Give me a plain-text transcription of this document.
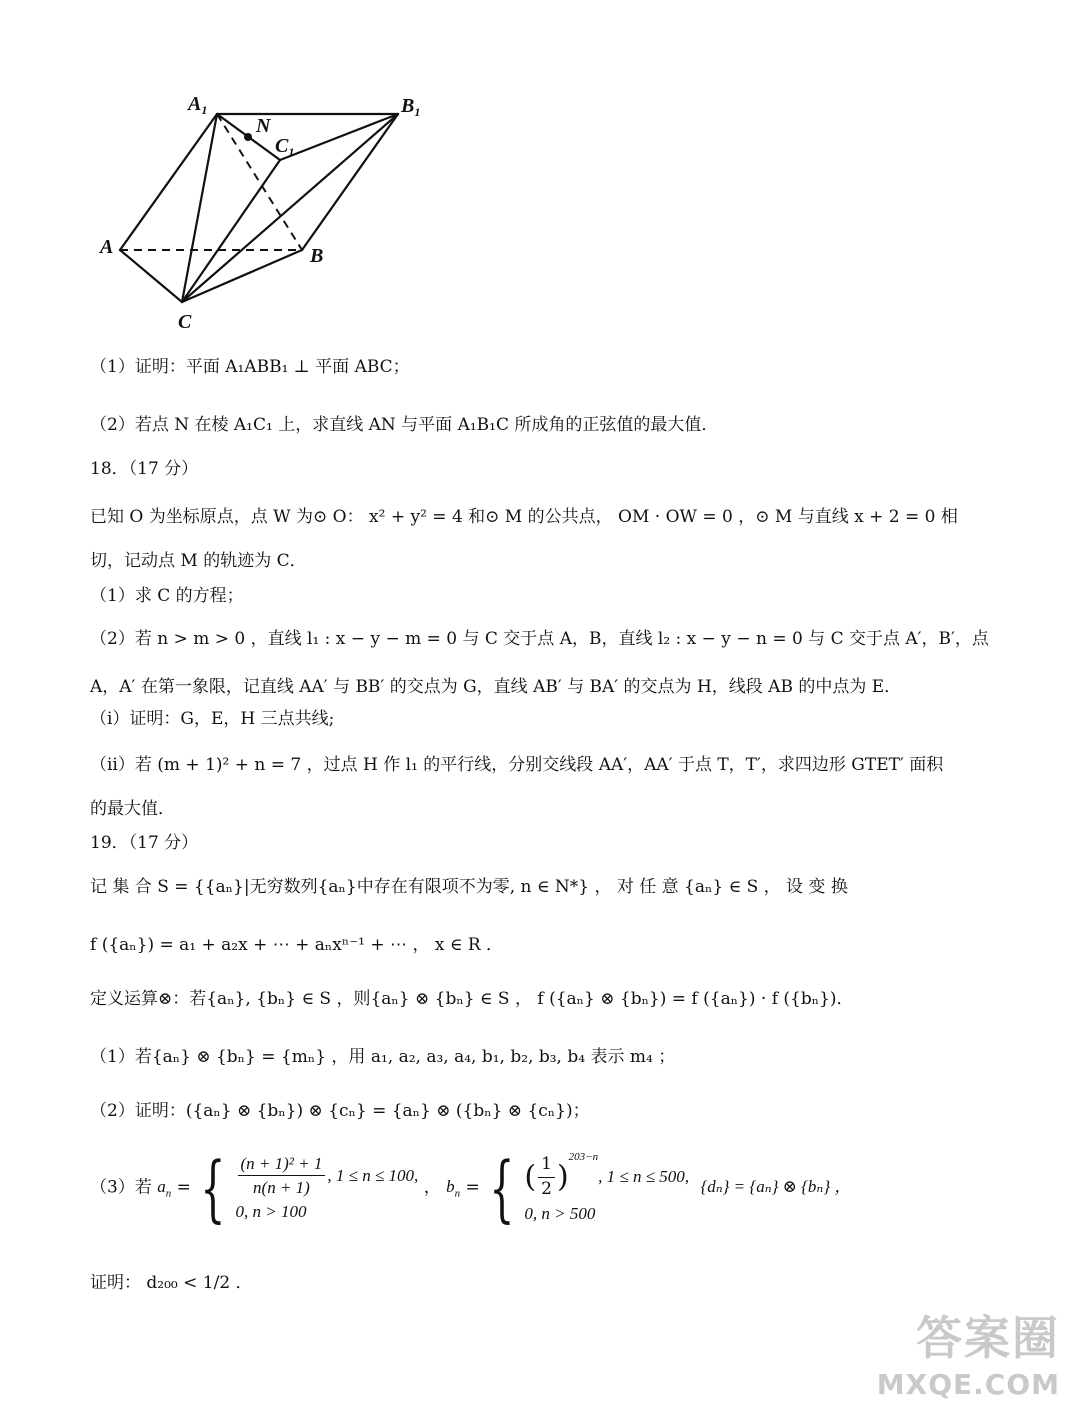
$A_1$	$B_1$
N
$C_1$
A	B
C
（1）证明：平面 A₁ABB₁ ⊥ 平面 ABC；
（2）若点 N 在棱 A₁C₁ 上，求直线 AN 与平面 A₁B₁C 所成角的正弦值的最大值．
18．（17 分）
已知 O 为坐标原点，点 W 为⊙ O： x² + y² = 4 和⊙ M 的公共点， OM · OW = 0 ，⊙ M 与直线 x + 2 = 0 相
切，记动点 M 的轨迹为 C．
（1）求 C 的方程；
（2）若 n > m > 0 ，直线 l₁ : x − y − m = 0 与 C 交于点 A，B，直线 l₂ : x − y − n = 0 与 C 交于点 A′，B′，点
A，A′ 在第一象限，记直线 AA′ 与 BB′ 的交点为 G，直线 AB′ 与 BA′ 的交点为 H，线段 AB 的中点为 E．
（i）证明：G，E，H 三点共线;
（ii）若 (m + 1)² + n = 7 ，过点 H 作 l₁ 的平行线，分别交线段 AA′，AA′ 于点 T，T′，求四边形 GTET′ 面积
的最大值．
19．（17 分）
记 集 合 S = {{aₙ}|无穷数列{aₙ}中存在有限项不为零, n ∈ N*} ， 对 任 意 {aₙ} ∈ S ， 设 变 换
f ({aₙ}) = a₁ + a₂x + ⋯ + aₙxⁿ⁻¹ + ⋯ ， x ∈ R ．
定义运算⊗：若{aₙ}, {bₙ} ∈ S ，则{aₙ} ⊗ {bₙ} ∈ S ， f ({aₙ} ⊗ {bₙ}) = f ({aₙ}) · f ({bₙ})．
（1）若{aₙ} ⊗ {bₙ} = {mₙ} ，用 a₁, a₂, a₃, a₄, b₁, b₂, b₃, b₄ 表示 m₄ ；
（2）证明：({aₙ} ⊗ {bₙ}) ⊗ {cₙ} = {aₙ} ⊗ ({bₙ} ⊗ {cₙ})；
（3）若 $a_n$ = { $\frac{\text{(n + 1)² + 1}}{n(n + 1)}$ , 1 ≤ n ≤ 100,
0, n > 100
， $b_n$ = { ( $\frac{1}{2} )^{203-n}$, 1 ≤ n ≤ 500,
0, n > 500
{dₙ} = {aₙ} ⊗ {bₙ} ，
证明： d₂₀₀ < 1/2 ．
答案圈
MXQE.COM
